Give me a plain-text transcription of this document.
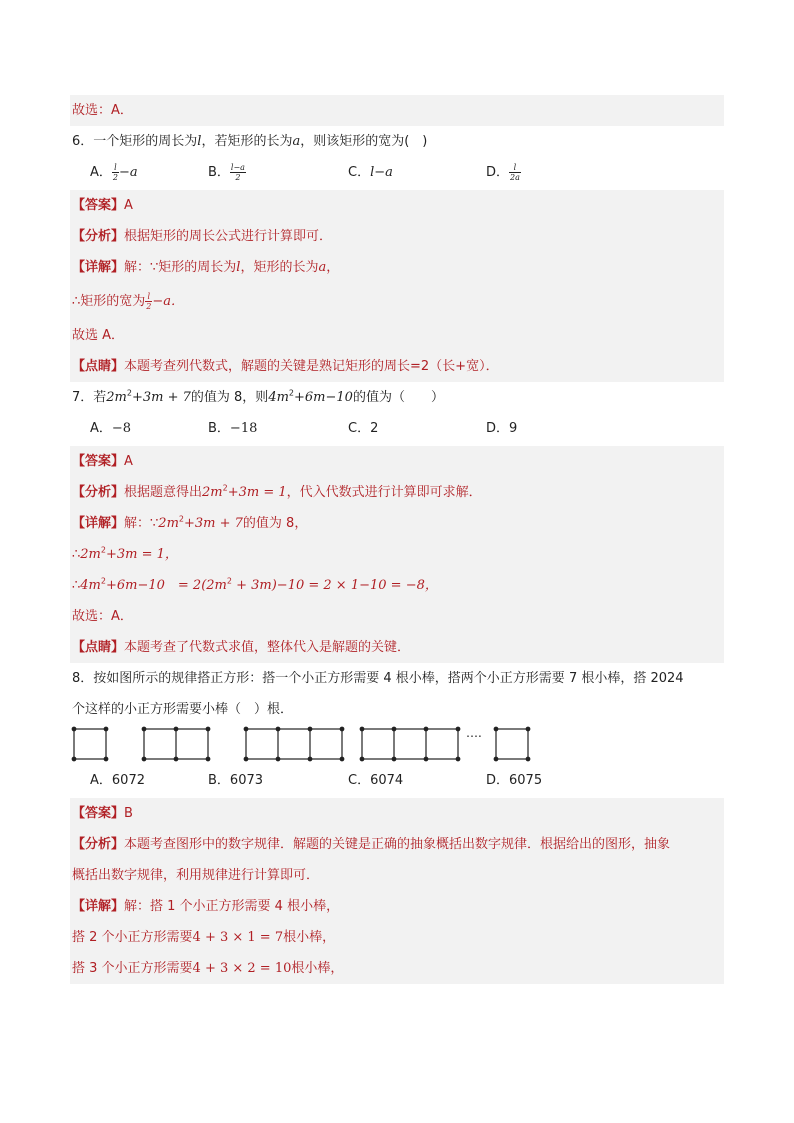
故选：A．
6．一个矩形的周长为l，若矩形的长为a，则该矩形的宽为(　)
A． $\frac{l}{2} -a$	B． $\frac{l-a}{2}$	C．l−a	D． $\frac{l}{2a}$
【答案】A
【分析】根据矩形的周长公式进行计算即可．
【详解】解：∵矩形的周长为l，矩形的长为a，
∴矩形的宽为 $\frac{l}{2} -a$．
故选 A．
【点睛】本题考查列代数式，解题的关键是熟记矩形的周长=2（长+宽）．
7．若$2m^2+3m + 7$的值为 8，则$4m^2+6m-10$的值为（　　）
A．−8	B．−18	C．2	D．9
【答案】A
【分析】根据题意得出$2m^2+3m = 1$，代入代数式进行计算即可求解．
【详解】解：$\because 2m^2+3m + 7$的值为 8，
$\therefore 2m^2+3m = 1$，
$\therefore 4m^2+6m-10$　= $2(2m^2 + 3m)-10 = 2 \times 1-10 = -8$，
故选：A．
【点睛】本题考查了代数式求值，整体代入是解题的关键．
8．按如图所示的规律搭正方形：搭一个小正方形需要 4 根小棒，搭两个小正方形需要 7 根小棒，搭 2024
个这样的小正方形需要小棒（　）根．
….
A．6072	B．6073	C．6074	D．6075
【答案】B
【分析】本题考查图形中的数字规律．解题的关键是正确的抽象概括出数字规律．根据给出的图形，抽象
概括出数字规律，利用规律进行计算即可．
【详解】解：搭 1 个小正方形需要 4 根小棒，
搭 2 个小正方形需要4 + 3 × 1 = 7根小棒，
搭 3 个小正方形需要4 + 3 × 2 = 10根小棒，
